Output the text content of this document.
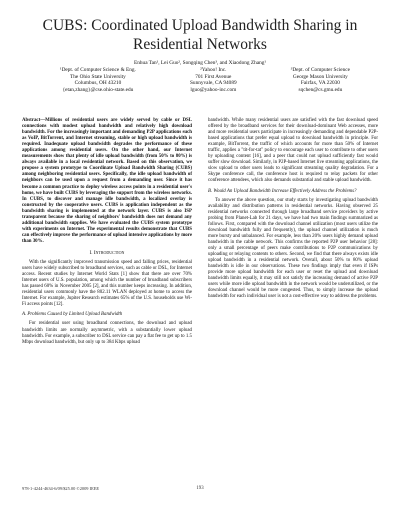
CUBS: Coordinated Upload Bandwidth Sharing in
Residential Networks
Enhua Tan¹, Lei Guo², Songqing Chen³, and Xiaodong Zhang¹
¹Dept. of Computer Science & Eng.
The Ohio State University
Columbus, OH 43210
{etan,zhang}@cse.ohio-state.edu
²Yahoo! Inc.
701 First Avenue
Sunnyvale, CA 94089
lguo@yahoo-inc.com
³Dept. of Computer Science
George Mason University
Fairfax, VA 22030
sqchen@cs.gmu.edu

Abstract—Millions of residential users are widely served by cable or DSL connections with modest upload bandwidth and relatively high download bandwidth. For the increasingly important and demanding P2P applications such as VoIP, BitTorrent, and Internet streaming, stable or high upload bandwidth is required. Inadequate upload bandwidth degrades the performance of these applications among residential users. On the other hand, our Internet measurements show that plenty of idle upload bandwidth (from 50% to 80%) is always available in a local residential network. Based on this observation, we propose a system prototype to Coordinate Upload Bandwidth Sharing (CUBS) among neighboring residential users. Specifically, the idle upload bandwidth of neighbors can be used upon a request from a demanding user. Since it has become a common practice to deploy wireless access points in a residential user's home, we have built CUBS by leveraging the support from the wireless networks. In CUBS, to discover and manage idle bandwidth, a localized overlay is constructed by the cooperative users. CUBS is application independent as the bandwidth sharing is implemented at the network layer. CUBS is also ISP transparent because the sharing of neighbors' bandwidth does not demand any additional bandwidth supplies. We have evaluated the CUBS system prototype with experiments on Internet. The experimental results demonstrate that CUBS can effectively improve the performance of upload intensive applications by more than 30%.

I. Introduction

With the significantly improved transmission speed and falling prices, residential users have widely subscribed to broadband services, such as cable or DSL, for Internet access. Recent studies by Internet World Stats [1] show that there are over 70% Internet users of U.S. population, among which the number of broadband subscribers has passed 60% in November 2005 [2], and this number keeps increasing. In addition, residential users commonly have the 802.11 WLAN deployed at home to access the Internet. For example, Jupiter Research estimates 65% of the U.S. households use Wi-Fi access points [12].

A. Problems Caused by Limited Upload Bandwidth

For residential user using broadband connections, the download and upload bandwidth limits are normally asymmetric, with a substantially lower upload bandwidth. For example, a subscriber to DSL service can pay a flat fee to get up to 1.5 Mbps download bandwidth, but only up to 384 Kbps upload

bandwidth. While many residential users are satisfied with the fast download speed offered by the broadband services for their download-dominant Web accesses, more and more residential users participate in increasingly demanding and dependable P2P-based applications that prefer equal upload to download bandwidth in principle. For example, BitTorrent, the traffic of which accounts for more than 50% of Internet traffic, applies a "tit-for-tat" policy to encourage each user to contribute to other users by uploading content [16], and a peer that could not upload sufficiently fast would suffer slow download. Similarly, in P2P-based Internet live streaming applications, the slow upload to other users leads to significant streaming quality degradation. For a Skype conference call, the conference host is required to relay packets for other conference attendees, which also demands substantial and stable upload bandwidth.

B. Would An Upload Bandwidth Increase Effectively Address the Problems?

To answer the above question, our study starts by investigating upload bandwidth availability and distribution patterns in residential networks. Having observed 25 residential networks connected through large broadband service providers by active probing from Planet-Lab for 21 days, we have had two main findings summarized as follows. First, compared with the download channel utilization (most users utilize the download bandwidth fully and frequently), the upload channel utilization is much more bursty and unbalanced. For example, less than 20% users highly demand upload bandwidth in the cable network. This confirms the reported P2P user behavior [28]: only a small percentage of peers make contributions to P2P communications by uploading or relaying contents to others. Second, we find that there always exists idle upload bandwidth in a residential network. Overall, about 50% to 80% upload bandwidth is idle in our observations. These two findings imply that even if ISPs provide more upload bandwidth for each user or reset the upload and download bandwidth limits equally, it may still not satisfy the increasing demand of active P2P users while more idle upload bandwidth in the network would be underutilized, or the download channel would be more congested. Thus, to simply increase the upload bandwidth for each individual user is not a cost-effective way to address the problems.

978-1-4244-4634-6/09/$25.00 ©2009 IEEE	193
